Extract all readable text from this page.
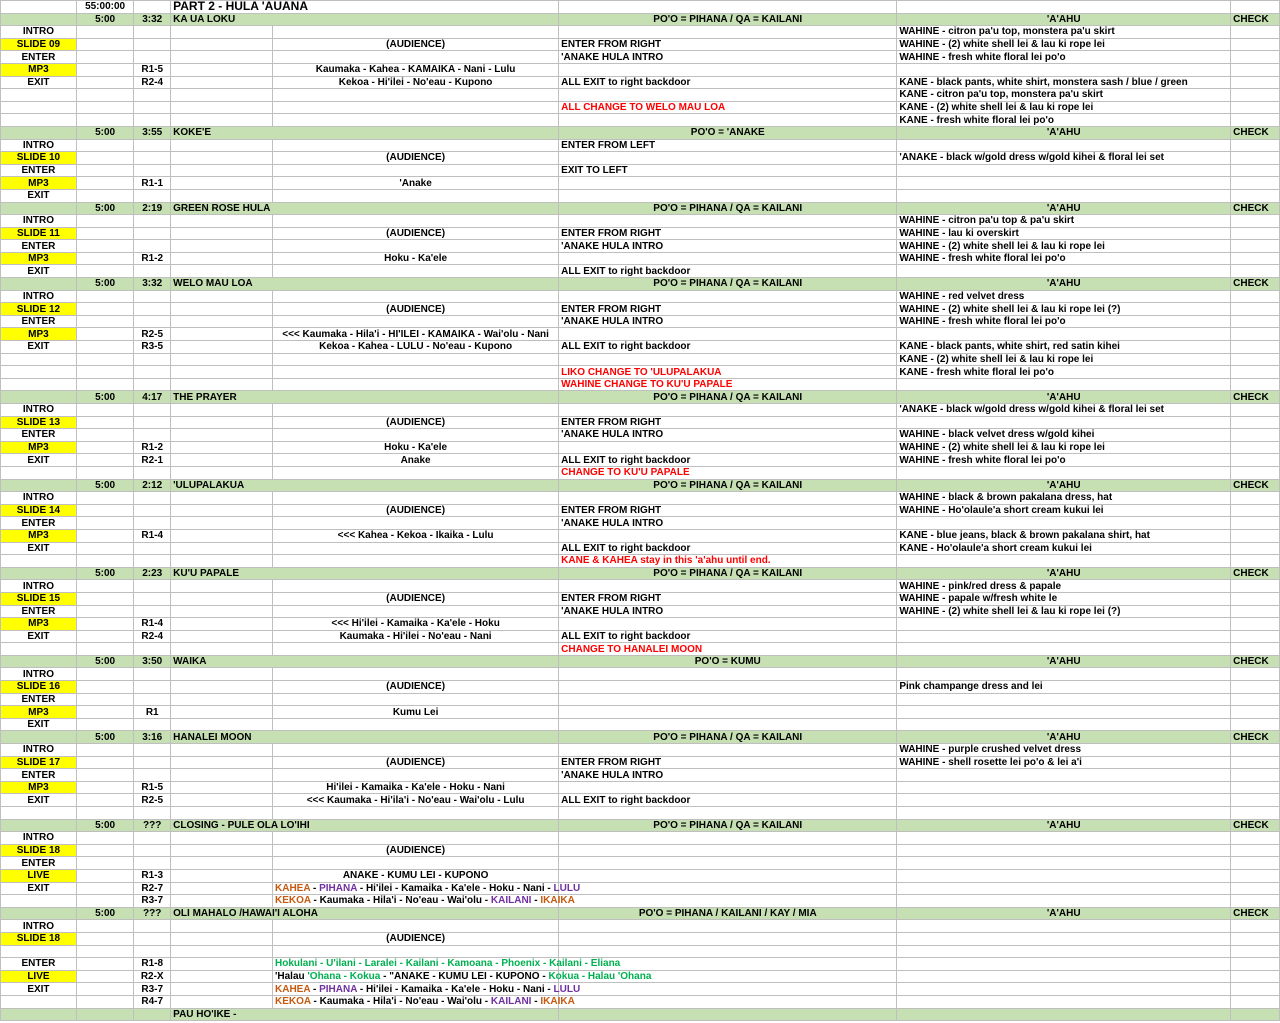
	55:00:00		PART 2 - HULA 'AUANA				
	5:00	3:32	KA UA LOKU		PO'O = PIHANA / QA = KAILANI	'A'AHU	CHECK
INTRO						WAHINE - citron pa'u top, monstera pa'u skirt	
SLIDE 09				(AUDIENCE)	ENTER FROM RIGHT	WAHINE - (2) white shell lei & lau ki rope lei	
ENTER					'ANAKE HULA INTRO	WAHINE - fresh white floral lei po'o	
MP3		R1-5		Kaumaka - Kahea - KAMAIKA - Nani - Lulu			
EXIT		R2-4		Kekoa - Hi'ilei - No'eau - Kupono	ALL EXIT to right backdoor	KANE - black pants, white shirt, monstera sash / blue / green	
						KANE - citron pa'u top, monstera pa'u skirt	
					ALL CHANGE TO WELO MAU LOA	KANE - (2) white shell lei & lau ki rope lei	
						KANE - fresh white floral lei po'o	
	5:00	3:55	KOKE'E		PO'O = 'ANAKE	'A'AHU	CHECK
INTRO					ENTER FROM LEFT		
SLIDE 10				(AUDIENCE)		'ANAKE - black w/gold dress w/gold kihei & floral lei set	
ENTER					EXIT TO LEFT		
MP3		R1-1		'Anake			
EXIT							
	5:00	2:19	GREEN ROSE HULA		PO'O = PIHANA / QA = KAILANI	'A'AHU	CHECK
INTRO						WAHINE - citron pa'u top & pa'u skirt	
SLIDE 11				(AUDIENCE)	ENTER FROM RIGHT	WAHINE - lau ki overskirt	
ENTER					'ANAKE HULA INTRO	WAHINE - (2) white shell lei & lau ki rope lei	
MP3		R1-2		Hoku - Ka'ele		WAHINE - fresh white floral lei po'o	
EXIT					ALL EXIT to right backdoor		
	5:00	3:32	WELO MAU LOA		PO'O = PIHANA / QA = KAILANI	'A'AHU	CHECK
INTRO						WAHINE - red velvet dress	
SLIDE 12				(AUDIENCE)	ENTER FROM RIGHT	WAHINE - (2) white shell lei & lau ki rope lei (?)	
ENTER					'ANAKE HULA INTRO	WAHINE - fresh white floral lei po'o	
MP3		R2-5		<<< Kaumaka - Hila'i - HI'ILEI - KAMAIKA - Wai'olu - Nani			
EXIT		R3-5		Kekoa - Kahea - LULU - No'eau - Kupono	ALL EXIT to right backdoor	KANE - black pants, white shirt, red satin kihei	
						KANE - (2) white shell lei & lau ki rope lei	
					LIKO CHANGE TO 'ULUPALAKUA	KANE - fresh white floral lei po'o	
					WAHINE CHANGE TO KU'U PAPALE		
	5:00	4:17	THE PRAYER		PO'O = PIHANA / QA = KAILANI	'A'AHU	CHECK
INTRO						'ANAKE - black w/gold dress w/gold kihei & floral lei set	
SLIDE 13				(AUDIENCE)	ENTER FROM RIGHT		
ENTER					'ANAKE HULA INTRO	WAHINE - black velvet dress w/gold kihei	
MP3		R1-2		Hoku - Ka'ele		WAHINE - (2) white shell lei & lau ki rope lei	
EXIT		R2-1		Anake	ALL EXIT to right backdoor	WAHINE - fresh white floral lei po'o	
					CHANGE TO KU'U PAPALE		
	5:00	2:12	'ULUPALAKUA		PO'O = PIHANA / QA = KAILANI	'A'AHU	CHECK
INTRO						WAHINE - black & brown pakalana dress, hat	
SLIDE 14				(AUDIENCE)	ENTER FROM RIGHT	WAHINE - Ho'olaule'a short cream kukui lei	
ENTER					'ANAKE HULA INTRO		
MP3		R1-4		<<< Kahea - Kekoa - Ikaika - Lulu		KANE - blue jeans, black & brown pakalana shirt, hat	
EXIT					ALL EXIT to right backdoor	KANE - Ho'olaule'a short cream kukui lei	
					KANE & KAHEA stay in this 'a'ahu until end.		
	5:00	2:23	KU'U PAPALE		PO'O = PIHANA / QA = KAILANI	'A'AHU	CHECK
INTRO						WAHINE - pink/red dress & papale	
SLIDE 15				(AUDIENCE)	ENTER FROM RIGHT	WAHINE - papale w/fresh white le	
ENTER					'ANAKE HULA INTRO	WAHINE - (2) white shell lei & lau ki rope lei (?)	
MP3		R1-4		<<< Hi'ilei - Kamaika - Ka'ele - Hoku			
EXIT		R2-4		Kaumaka - Hi'ilei - No'eau - Nani	ALL EXIT to right backdoor		
					CHANGE TO HANALEI MOON		
	5:00	3:50	WAIKA		PO'O = KUMU	'A'AHU	CHECK
INTRO							
SLIDE 16				(AUDIENCE)		Pink champange dress and lei	
ENTER							
MP3		R1		Kumu Lei			
EXIT							
	5:00	3:16	HANALEI MOON		PO'O = PIHANA / QA = KAILANI	'A'AHU	CHECK
INTRO						WAHINE - purple crushed velvet dress	
SLIDE 17				(AUDIENCE)	ENTER FROM RIGHT	WAHINE - shell rosette lei po'o & lei a'i	
ENTER					'ANAKE HULA INTRO		
MP3		R1-5		Hi'ilei - Kamaika - Ka'ele - Hoku - Nani			
EXIT		R2-5		<<< Kaumaka - Hi'ila'i - No'eau - Wai'olu - Lulu	ALL EXIT to right backdoor		

	5:00	???	CLOSING - PULE OLA LO'IHI		PO'O = PIHANA / QA = KAILANI	'A'AHU	CHECK
INTRO							
SLIDE 18				(AUDIENCE)			
ENTER							
LIVE		R1-3		ANAKE - KUMU LEI - KUPONO			
EXIT		R2-7		KAHEA - PIHANA - Hi'ilei - Kamaika - Ka'ele - Hoku - Nani - LULU			
		R3-7		KEKOA - Kaumaka - Hila'i - No'eau - Wai'olu - KAILANI - IKAIKA			
	5:00	???	OLI MAHALO /HAWAI'I ALOHA		PO'O = PIHANA / KAILANI / KAY / MIA	'A'AHU	CHECK
INTRO							
SLIDE 18				(AUDIENCE)			

ENTER		R1-8		Hokulani - U'ilani - Laralei - Kailani - Kamoana - Phoenix - Kailani - Eliana			
LIVE		R2-X		'Halau 'Ohana - Kokua - "ANAKE - KUMU LEI - KUPONO - Kokua - Halau 'Ohana			
EXIT		R3-7		KAHEA - PIHANA - Hi'ilei - Kamaika - Ka'ele - Hoku - Nani - LULU			
		R4-7		KEKOA - Kaumaka - Hila'i - No'eau - Wai'olu - KAILANI - IKAIKA			
			PAU HO'IKE -				
